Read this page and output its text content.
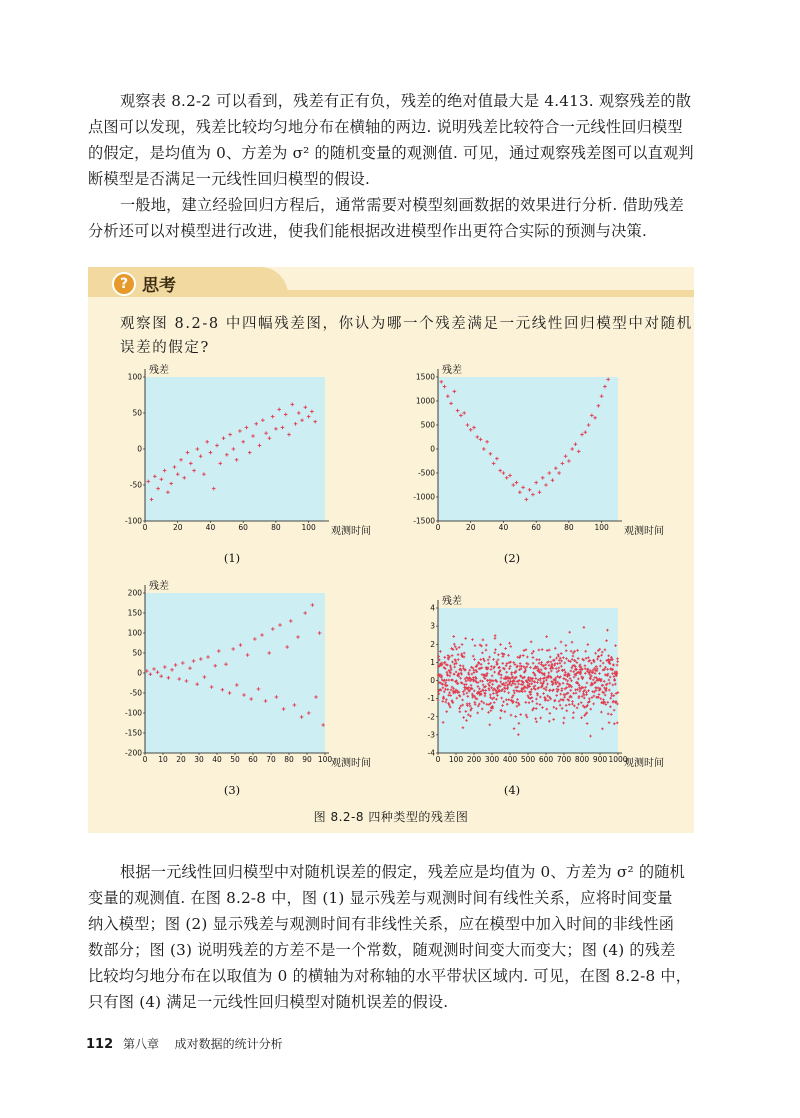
观察表 8.2-2 可以看到，残差有正有负，残差的绝对值最大是 4.413. 观察残差的散
点图可以发现，残差比较均匀地分布在横轴的两边. 说明残差比较符合一元线性回归模型
的假定，是均值为 0、方差为 σ² 的随机变量的观测值. 可见，通过观察残差图可以直观判
断模型是否满足一元线性回归模型的假设.

一般地，建立经验回归方程后，通常需要对模型刻画数据的效果进行分析. 借助残差
分析还可以对模型进行改进，使我们能根据改进模型作出更符合实际的预测与决策.

? 思考
观察图 8.2-8 中四幅残差图，你认为哪一个残差满足一元线性回归模型中对随机
误差的假定?
-100
-50
0
50
100
0	20	40	60	80	100
残差
观测时间
(1)
-1500
-1000
-500
0
500
1000
1500
0	20	40	60	80	100
残差
观测时间
(2)
-200
-150
-100
-50
0
50
100
150
200
0 10 20 30 40 50 60 70 80 90 100
残差
观测时间
(3)
-4
-3
-2
-1
0
1
2
3
4
0 100 200 300 400 500 600 700 800 900 1000
残差
观测时间
(4)
图 8.2-8 四种类型的残差图

根据一元线性回归模型中对随机误差的假定，残差应是均值为 0、方差为 σ² 的随机
变量的观测值. 在图 8.2-8 中，图 (1) 显示残差与观测时间有线性关系，应将时间变量
纳入模型；图 (2) 显示残差与观测时间有非线性关系，应在模型中加入时间的非线性函
数部分；图 (3) 说明残差的方差不是一个常数，随观测时间变大而变大；图 (4) 的残差
比较均匀地分布在以取值为 0 的横轴为对称轴的水平带状区域内. 可见，在图 8.2-8 中，
只有图 (4) 满足一元线性回归模型对随机误差的假设.

112 第八章 成对数据的统计分析
